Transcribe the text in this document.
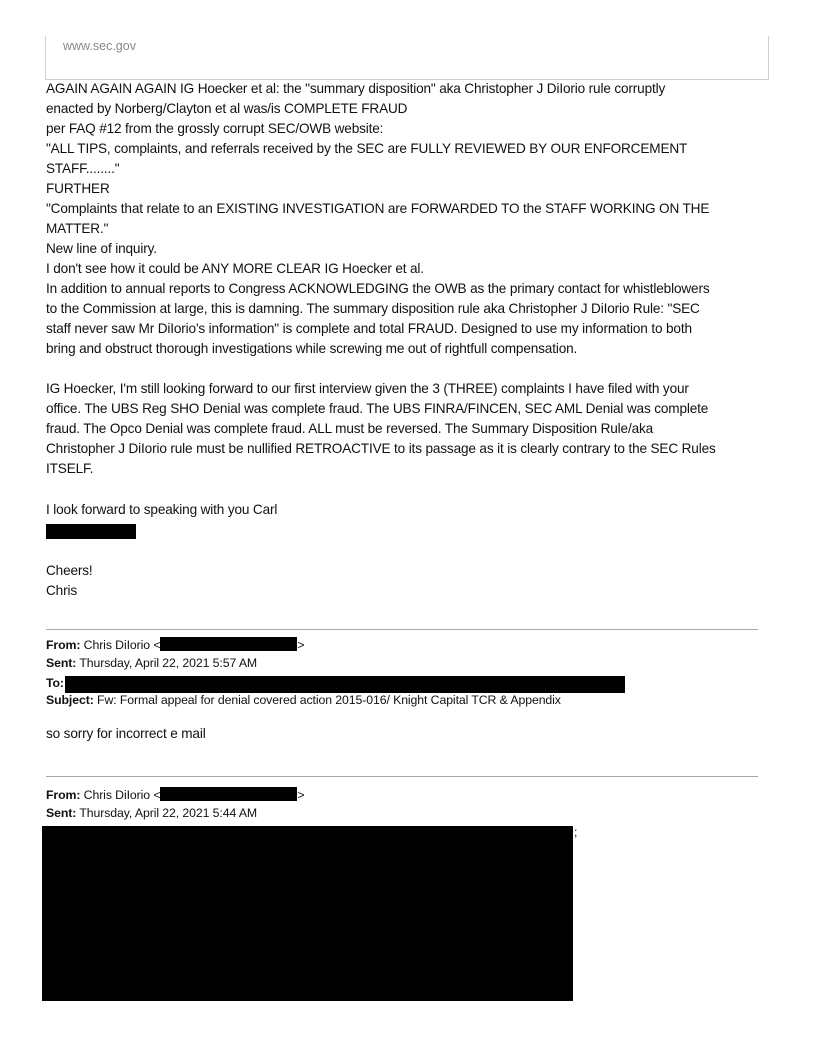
www.sec.gov
AGAIN AGAIN AGAIN IG Hoecker et al: the "summary disposition" aka Christopher J DiIorio rule corruptly
enacted by Norberg/Clayton et al was/is COMPLETE FRAUD
per FAQ #12 from the grossly corrupt SEC/OWB website:
"ALL TIPS, complaints, and referrals received by the SEC are FULLY REVIEWED BY OUR ENFORCEMENT
STAFF........"
FURTHER
"Complaints that relate to an EXISTING INVESTIGATION are FORWARDED TO the STAFF WORKING ON THE
MATTER."
New line of inquiry.
I don't see how it could be ANY MORE CLEAR IG Hoecker et al.
In addition to annual reports to Congress ACKNOWLEDGING the OWB as the primary contact for whistleblowers
to the Commission at large, this is damning. The summary disposition rule aka Christopher J DiIorio Rule: "SEC
staff never saw Mr DiIorio's information" is complete and total FRAUD. Designed to use my information to both
bring and obstruct thorough investigations while screwing me out of rightfull compensation.
IG Hoecker, I'm still looking forward to our first interview given the 3 (THREE) complaints I have filed with your
office. The UBS Reg SHO Denial was complete fraud. The UBS FINRA/FINCEN, SEC AML Denial was complete
fraud. The Opco Denial was complete fraud. ALL must be reversed. The Summary Disposition Rule/aka
Christopher J DiIorio rule must be nullified RETROACTIVE to its passage as it is clearly contrary to the SEC Rules
ITSELF.
I look forward to speaking with you Carl
Cheers!
Chris
From: Chris DiIorio <	>
Sent: Thursday, April 22, 2021 5:57 AM
To:
Subject: Fw: Formal appeal for denial covered action 2015-016/ Knight Capital TCR & Appendix
so sorry for incorrect e mail
From: Chris DiIorio <	>
Sent: Thursday, April 22, 2021 5:44 AM
;
